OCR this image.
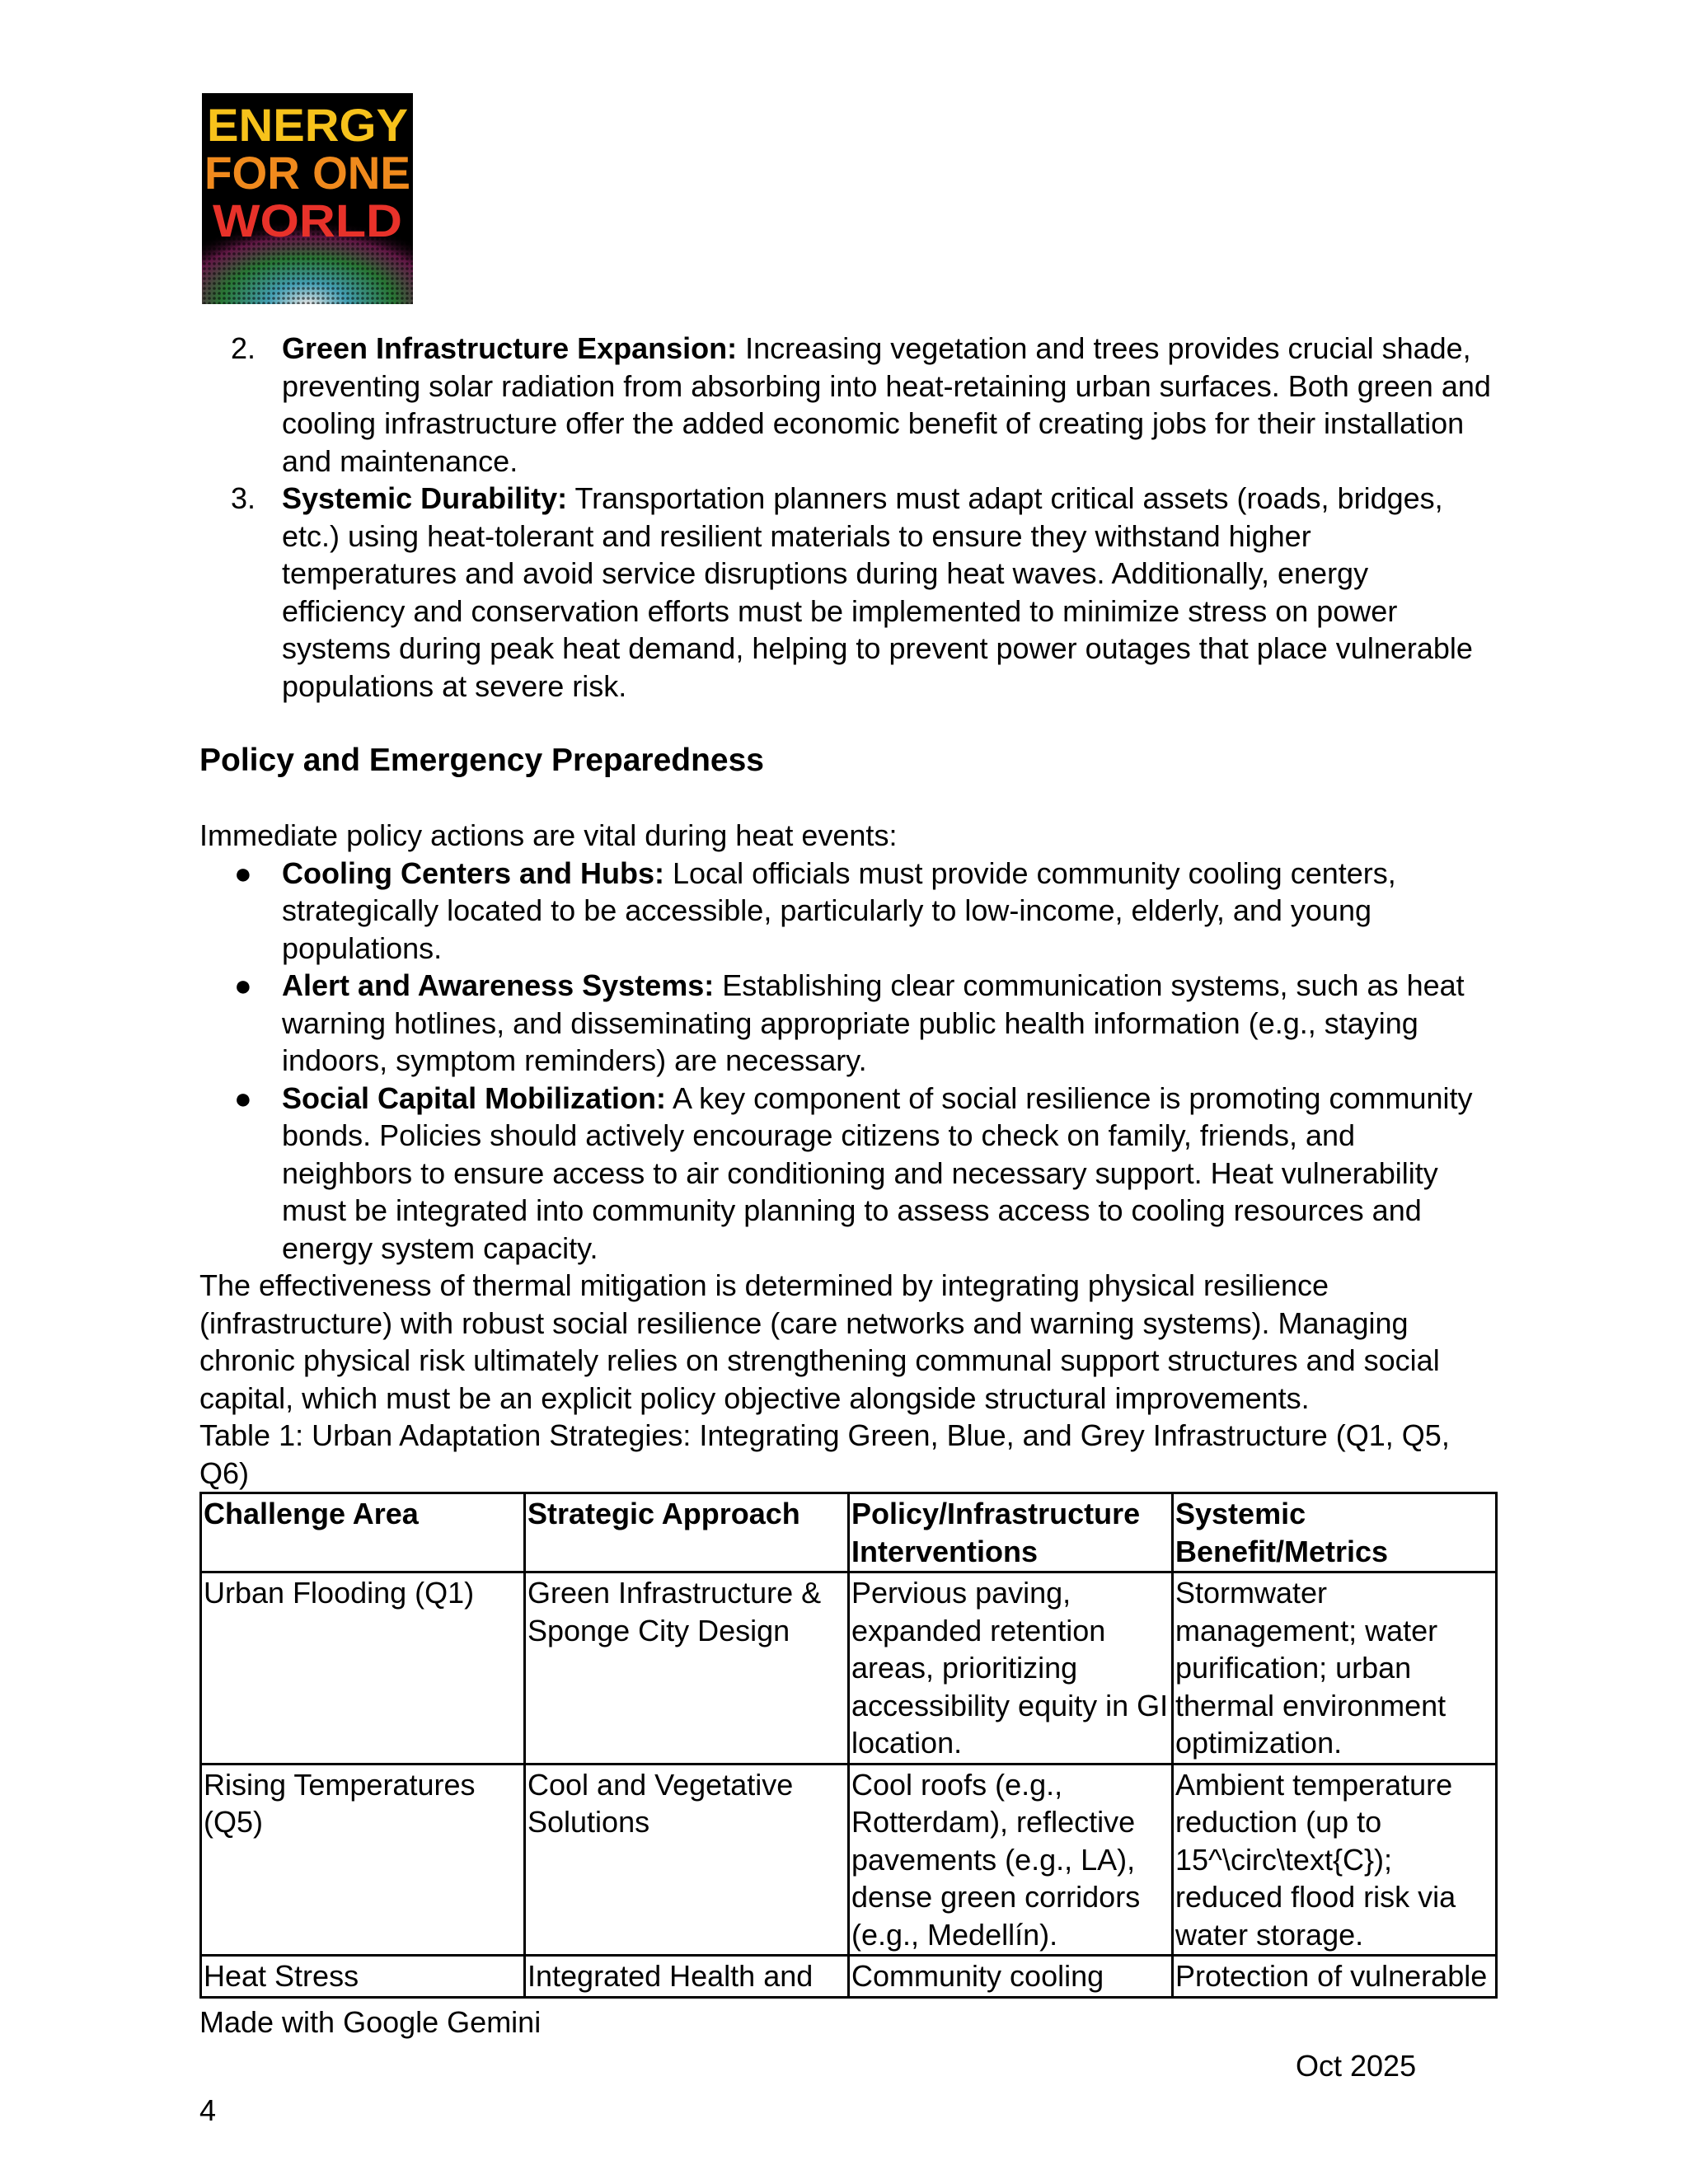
ENERGY
FOR ONE
WORLD
2. Green Infrastructure Expansion: Increasing vegetation and trees provides crucial shade, preventing solar radiation from absorbing into heat-retaining urban surfaces. Both green and cooling infrastructure offer the added economic benefit of creating jobs for their installation and maintenance.
3. Systemic Durability: Transportation planners must adapt critical assets (roads, bridges, etc.) using heat-tolerant and resilient materials to ensure they withstand higher temperatures and avoid service disruptions during heat waves. Additionally, energy efficiency and conservation efforts must be implemented to minimize stress on power systems during peak heat demand, helping to prevent power outages that place vulnerable populations at severe risk.
Policy and Emergency Preparedness

Immediate policy actions are vital during heat events:

● Cooling Centers and Hubs: Local officials must provide community cooling centers, strategically located to be accessible, particularly to low-income, elderly, and young populations.
● Alert and Awareness Systems: Establishing clear communication systems, such as heat warning hotlines, and disseminating appropriate public health information (e.g., staying indoors, symptom reminders) are necessary.
● Social Capital Mobilization: A key component of social resilience is promoting community bonds. Policies should actively encourage citizens to check on family, friends, and neighbors to ensure access to air conditioning and necessary support. Heat vulnerability must be integrated into community planning to assess access to cooling resources and energy system capacity.

The effectiveness of thermal mitigation is determined by integrating physical resilience (infrastructure) with robust social resilience (care networks and warning systems). Managing chronic physical risk ultimately relies on strengthening communal support structures and social capital, which must be an explicit policy objective alongside structural improvements.

Table 1: Urban Adaptation Strategies: Integrating Green, Blue, and Grey Infrastructure (Q1, Q5, Q6)

Challenge Area	Strategic Approach	Policy/Infrastructure Interventions	Systemic Benefit/Metrics
Urban Flooding (Q1)	Green Infrastructure & Sponge City Design	Pervious paving, expanded retention areas, prioritizing accessibility equity in GI location.	Stormwater management; water purification; urban thermal environment optimization.
Rising Temperatures (Q5)	Cool and Vegetative Solutions	Cool roofs (e.g., Rotterdam), reflective pavements (e.g., LA), dense green corridors (e.g., Medellín).	Ambient temperature reduction (up to 15^\circ\text{C}); reduced flood risk via water storage.
Heat Stress	Integrated Health and	Community cooling	Protection of vulnerable
Made with Google Gemini
Oct 2025
4
